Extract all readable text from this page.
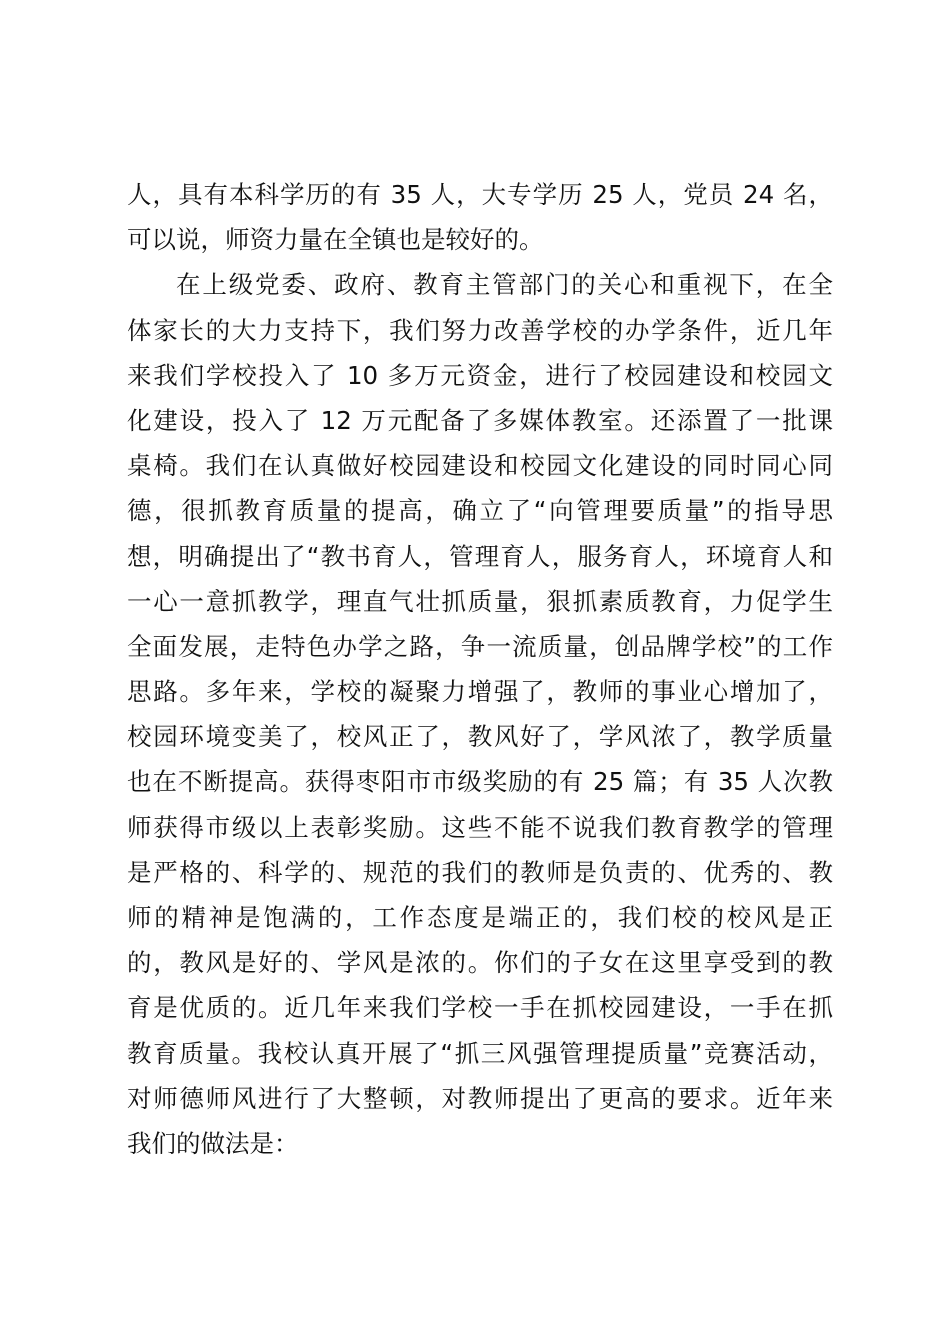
人，具有本科学历的有 35 人，大专学历 25 人，党员 24 名，
可以说，师资力量在全镇也是较好的。
在上级党委、政府、教育主管部门的关心和重视下，在全
体家长的大力支持下，我们努力改善学校的办学条件，近几年
来我们学校投入了 10 多万元资金，进行了校园建设和校园文
化建设，投入了 12 万元配备了多媒体教室。还添置了一批课
桌椅。我们在认真做好校园建设和校园文化建设的同时同心同
德，很抓教育质量的提高，确立了“向管理要质量”的指导思
想，明确提出了“教书育人，管理育人，服务育人，环境育人和
一心一意抓教学，理直气壮抓质量，狠抓素质教育，力促学生
全面发展，走特色办学之路，争一流质量，创品牌学校”的工作
思路。多年来，学校的凝聚力增强了，教师的事业心增加了，
校园环境变美了，校风正了，教风好了，学风浓了，教学质量
也在不断提高。获得枣阳市市级奖励的有 25 篇；有 35 人次教
师获得市级以上表彰奖励。这些不能不说我们教育教学的管理
是严格的、科学的、规范的我们的教师是负责的、优秀的、教
师的精神是饱满的，工作态度是端正的，我们校的校风是正
的，教风是好的、学风是浓的。你们的子女在这里享受到的教
育是优质的。近几年来我们学校一手在抓校园建设，一手在抓
教育质量。我校认真开展了“抓三风强管理提质量”竞赛活动，
对师德师风进行了大整顿，对教师提出了更高的要求。近年来
我们的做法是：
